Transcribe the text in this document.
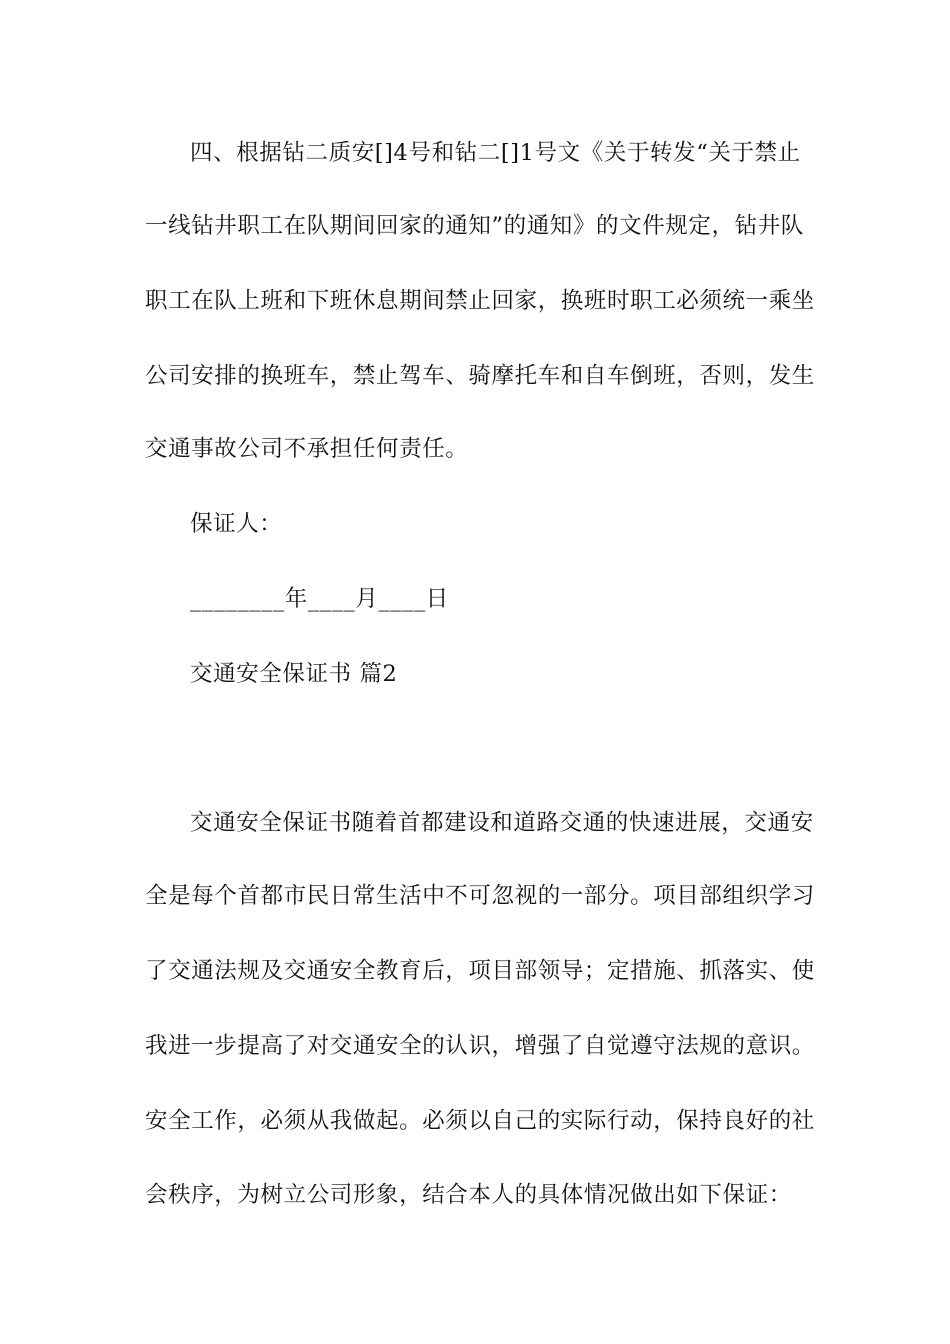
四、根据钻二质安[]4号和钻二[]1号文《关于转发“关于禁止
一线钻井职工在队期间回家的通知”的通知》的文件规定，钻井队
职工在队上班和下班休息期间禁止回家，换班时职工必须统一乘坐
公司安排的换班车，禁止驾车、骑摩托车和自车倒班，否则，发生
交通事故公司不承担任何责任。
保证人：
________年____月____日
交通安全保证书 篇2
交通安全保证书随着首都建设和道路交通的快速进展，交通安
全是每个首都市民日常生活中不可忽视的一部分。项目部组织学习
了交通法规及交通安全教育后，项目部领导；定措施、抓落实、使
我进一步提高了对交通安全的认识，增强了自觉遵守法规的意识。
安全工作，必须从我做起。必须以自己的实际行动，保持良好的社
会秩序，为树立公司形象，结合本人的具体情况做出如下保证：
